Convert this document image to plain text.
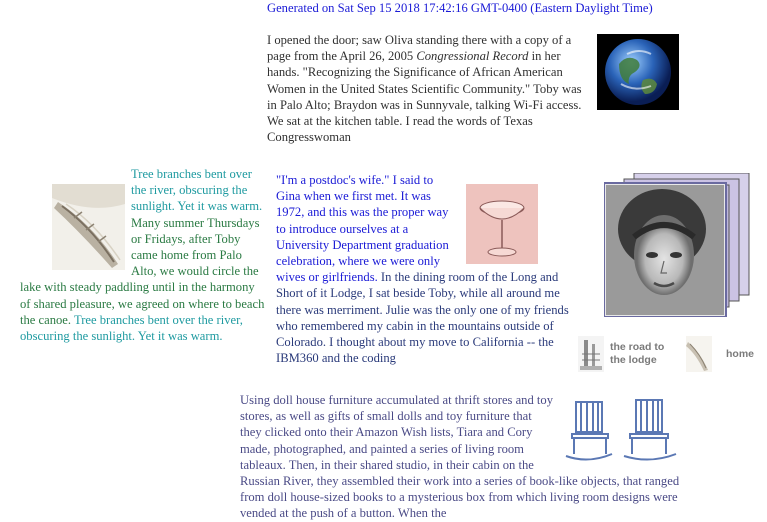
Generated on Sat Sep 15 2018 17:42:16 GMT-0400 (Eastern Daylight Time)
I opened the door; saw Oliva standing there with a copy of a page from the April 26, 2005 Congressional Record in her hands. "Recognizing the Significance of African American Women in the United States Scientific Community." Toby was in Palo Alto; Braydon was in Sunnyvale, talking Wi-Fi access. We sat at the kitchen table. I read the words of Texas Congresswoman
Tree branches bent over the river, obscuring the sunlight. Yet it was warm. Many summer Thursdays or Fridays, after Toby came home from Palo Alto, we would circle the lake with steady paddling until in the harmony of shared pleasure, we agreed on where to beach the canoe. Tree branches bent over the river, obscuring the sunlight. Yet it was warm.
"I'm a postdoc's wife." I said to Gina when we first met. It was 1972, and this was the proper way to introduce ourselves at a University Department graduation celebration, where we were only wives or girlfriends. In the dining room of the Long and Short of it Lodge, I sat beside Toby, while all around me there was merriment. Julie was the only one of my friends who remembered my cabin in the mountains outside of Colorado. I thought about my move to California -- the IBM360 and the coding
the road to the lodge
home
Using doll house furniture accumulated at thrift stores and toy stores, as well as gifts of small dolls and toy furniture that they clicked onto their Amazon Wish lists, Tiara and Cory made, photographed, and painted a series of living room tableaux. Then, in their shared studio, in their cabin on the Russian River, they assembled their work into a series of book-like objects, that ranged from doll house-sized books to a mysterious box from which living room designs were vended at the push of a button. When the
